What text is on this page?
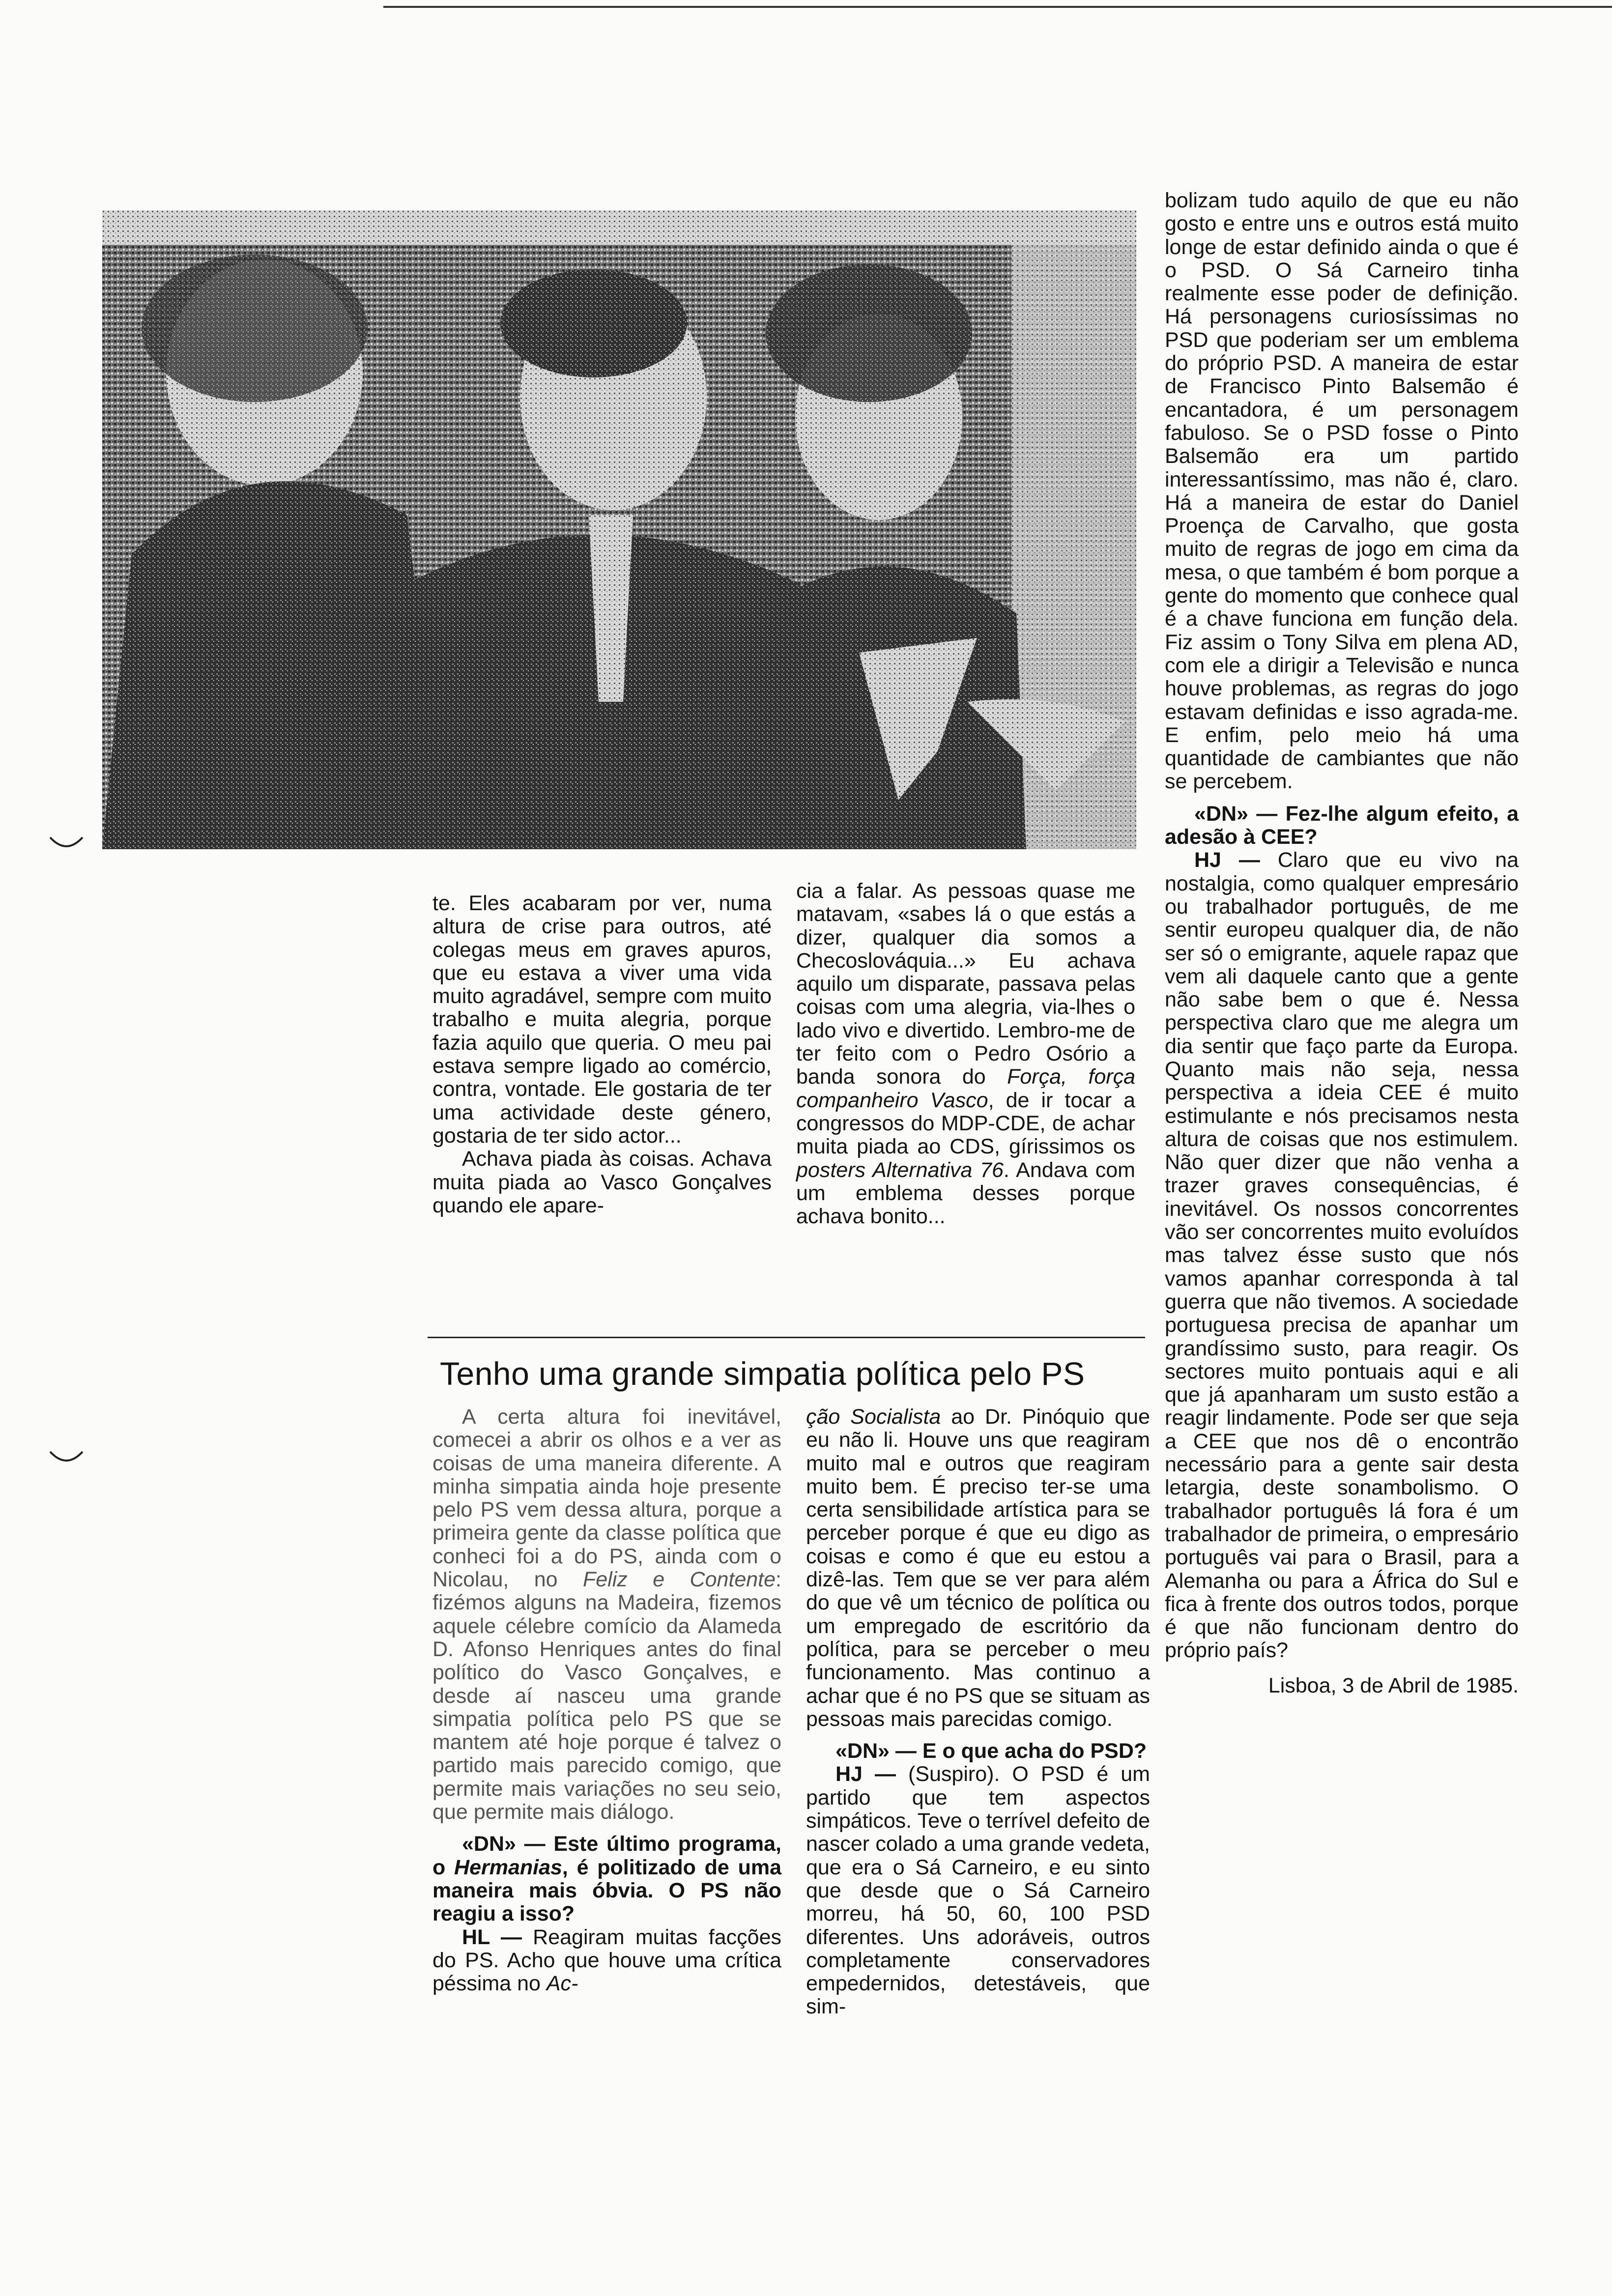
te. Eles acabaram por ver, numa altura de crise para outros, até colegas meus em graves apuros, que eu estava a viver uma vida muito agradável, sempre com muito trabalho e muita alegria, porque fazia aquilo que queria. O meu pai estava sempre ligado ao comércio, contra, vontade. Ele gostaria de ter uma actividade deste género, gostaria de ter sido actor...

Achava piada às coisas. Achava muita piada ao Vasco Gonçalves quando ele apare-

cia a falar. As pessoas quase me matavam, «sabes lá o que estás a dizer, qualquer dia somos a Checoslováquia...» Eu achava aquilo um disparate, passava pelas coisas com uma alegria, via-lhes o lado vivo e divertido. Lembro-me de ter feito com o Pedro Osório a banda sonora do Força, força companheiro Vasco, de ir tocar a congressos do MDP-CDE, de achar muita piada ao CDS, gírissimos os posters Alternativa 76. Andava com um emblema desses porque achava bonito...

bolizam tudo aquilo de que eu não gosto e entre uns e outros está muito longe de estar definido ainda o que é o PSD. O Sá Carneiro tinha realmente esse poder de definição. Há personagens curiosíssimas no PSD que poderiam ser um emblema do próprio PSD. A maneira de estar de Francisco Pinto Balsemão é encantadora, é um personagem fabuloso. Se o PSD fosse o Pinto Balsemão era um partido interessantíssimo, mas não é, claro. Há a maneira de estar do Daniel Proença de Carvalho, que gosta muito de regras de jogo em cima da mesa, o que também é bom porque a gente do momento que conhece qual é a chave funciona em função dela. Fiz assim o Tony Silva em plena AD, com ele a dirigir a Televisão e nunca houve problemas, as regras do jogo estavam definidas e isso agrada-me. E enfim, pelo meio há uma quantidade de cambiantes que não se percebem.

«DN» — Fez-lhe algum efeito, a adesão à CEE?

HJ — Claro que eu vivo na nostalgia, como qualquer empresário ou trabalhador português, de me sentir europeu qualquer dia, de não ser só o emigrante, aquele rapaz que vem ali daquele canto que a gente não sabe bem o que é. Nessa perspectiva claro que me alegra um dia sentir que faço parte da Europa. Quanto mais não seja, nessa perspectiva a ideia CEE é muito estimulante e nós precisamos nesta altura de coisas que nos estimulem. Não quer dizer que não venha a trazer graves consequências, é inevitável. Os nossos concorrentes vão ser concorrentes muito evoluídos mas talvez ésse susto que nós vamos apanhar corresponda à tal guerra que não tivemos. A sociedade portuguesa precisa de apanhar um grandíssimo susto, para reagir. Os sectores muito pontuais aqui e ali que já apanharam um susto estão a reagir lindamente. Pode ser que seja a CEE que nos dê o encontrão necessário para a gente sair desta letargia, deste sonambolismo. O trabalhador português lá fora é um trabalhador de primeira, o empresário português vai para o Brasil, para a Alemanha ou para a África do Sul e fica à frente dos outros todos, porque é que não funcionam dentro do próprio país?

Lisboa, 3 de Abril de 1985.

Tenho uma grande simpatia política pelo PS

A certa altura foi inevitável, comecei a abrir os olhos e a ver as coisas de uma maneira diferente. A minha simpatia ainda hoje presente pelo PS vem dessa altura, porque a primeira gente da classe política que conheci foi a do PS, ainda com o Nicolau, no Feliz e Contente: fizémos alguns na Madeira, fizemos aquele célebre comício da Alameda D. Afonso Henriques antes do final político do Vasco Gonçalves, e desde aí nasceu uma grande simpatia política pelo PS que se mantem até hoje porque é talvez o partido mais parecido comigo, que permite mais variações no seu seio, que permite mais diálogo.

«DN» — Este último programa, o Hermanias, é politizado de uma maneira mais óbvia. O PS não reagiu a isso?

HL — Reagiram muitas facções do PS. Acho que houve uma crítica péssima no Ac-

ção Socialista ao Dr. Pinóquio que eu não li. Houve uns que reagiram muito mal e outros que reagiram muito bem. É preciso ter-se uma certa sensibilidade artística para se perceber porque é que eu digo as coisas e como é que eu estou a dizê-las. Tem que se ver para além do que vê um técnico de política ou um empregado de escritório da política, para se perceber o meu funcionamento. Mas continuo a achar que é no PS que se situam as pessoas mais parecidas comigo.

«DN» — E o que acha do PSD?

HJ — (Suspiro). O PSD é um partido que tem aspectos simpáticos. Teve o terrível defeito de nascer colado a uma grande vedeta, que era o Sá Carneiro, e eu sinto que desde que o Sá Carneiro morreu, há 50, 60, 100 PSD diferentes. Uns adoráveis, outros completamente conservadores empedernidos, detestáveis, que sim-
